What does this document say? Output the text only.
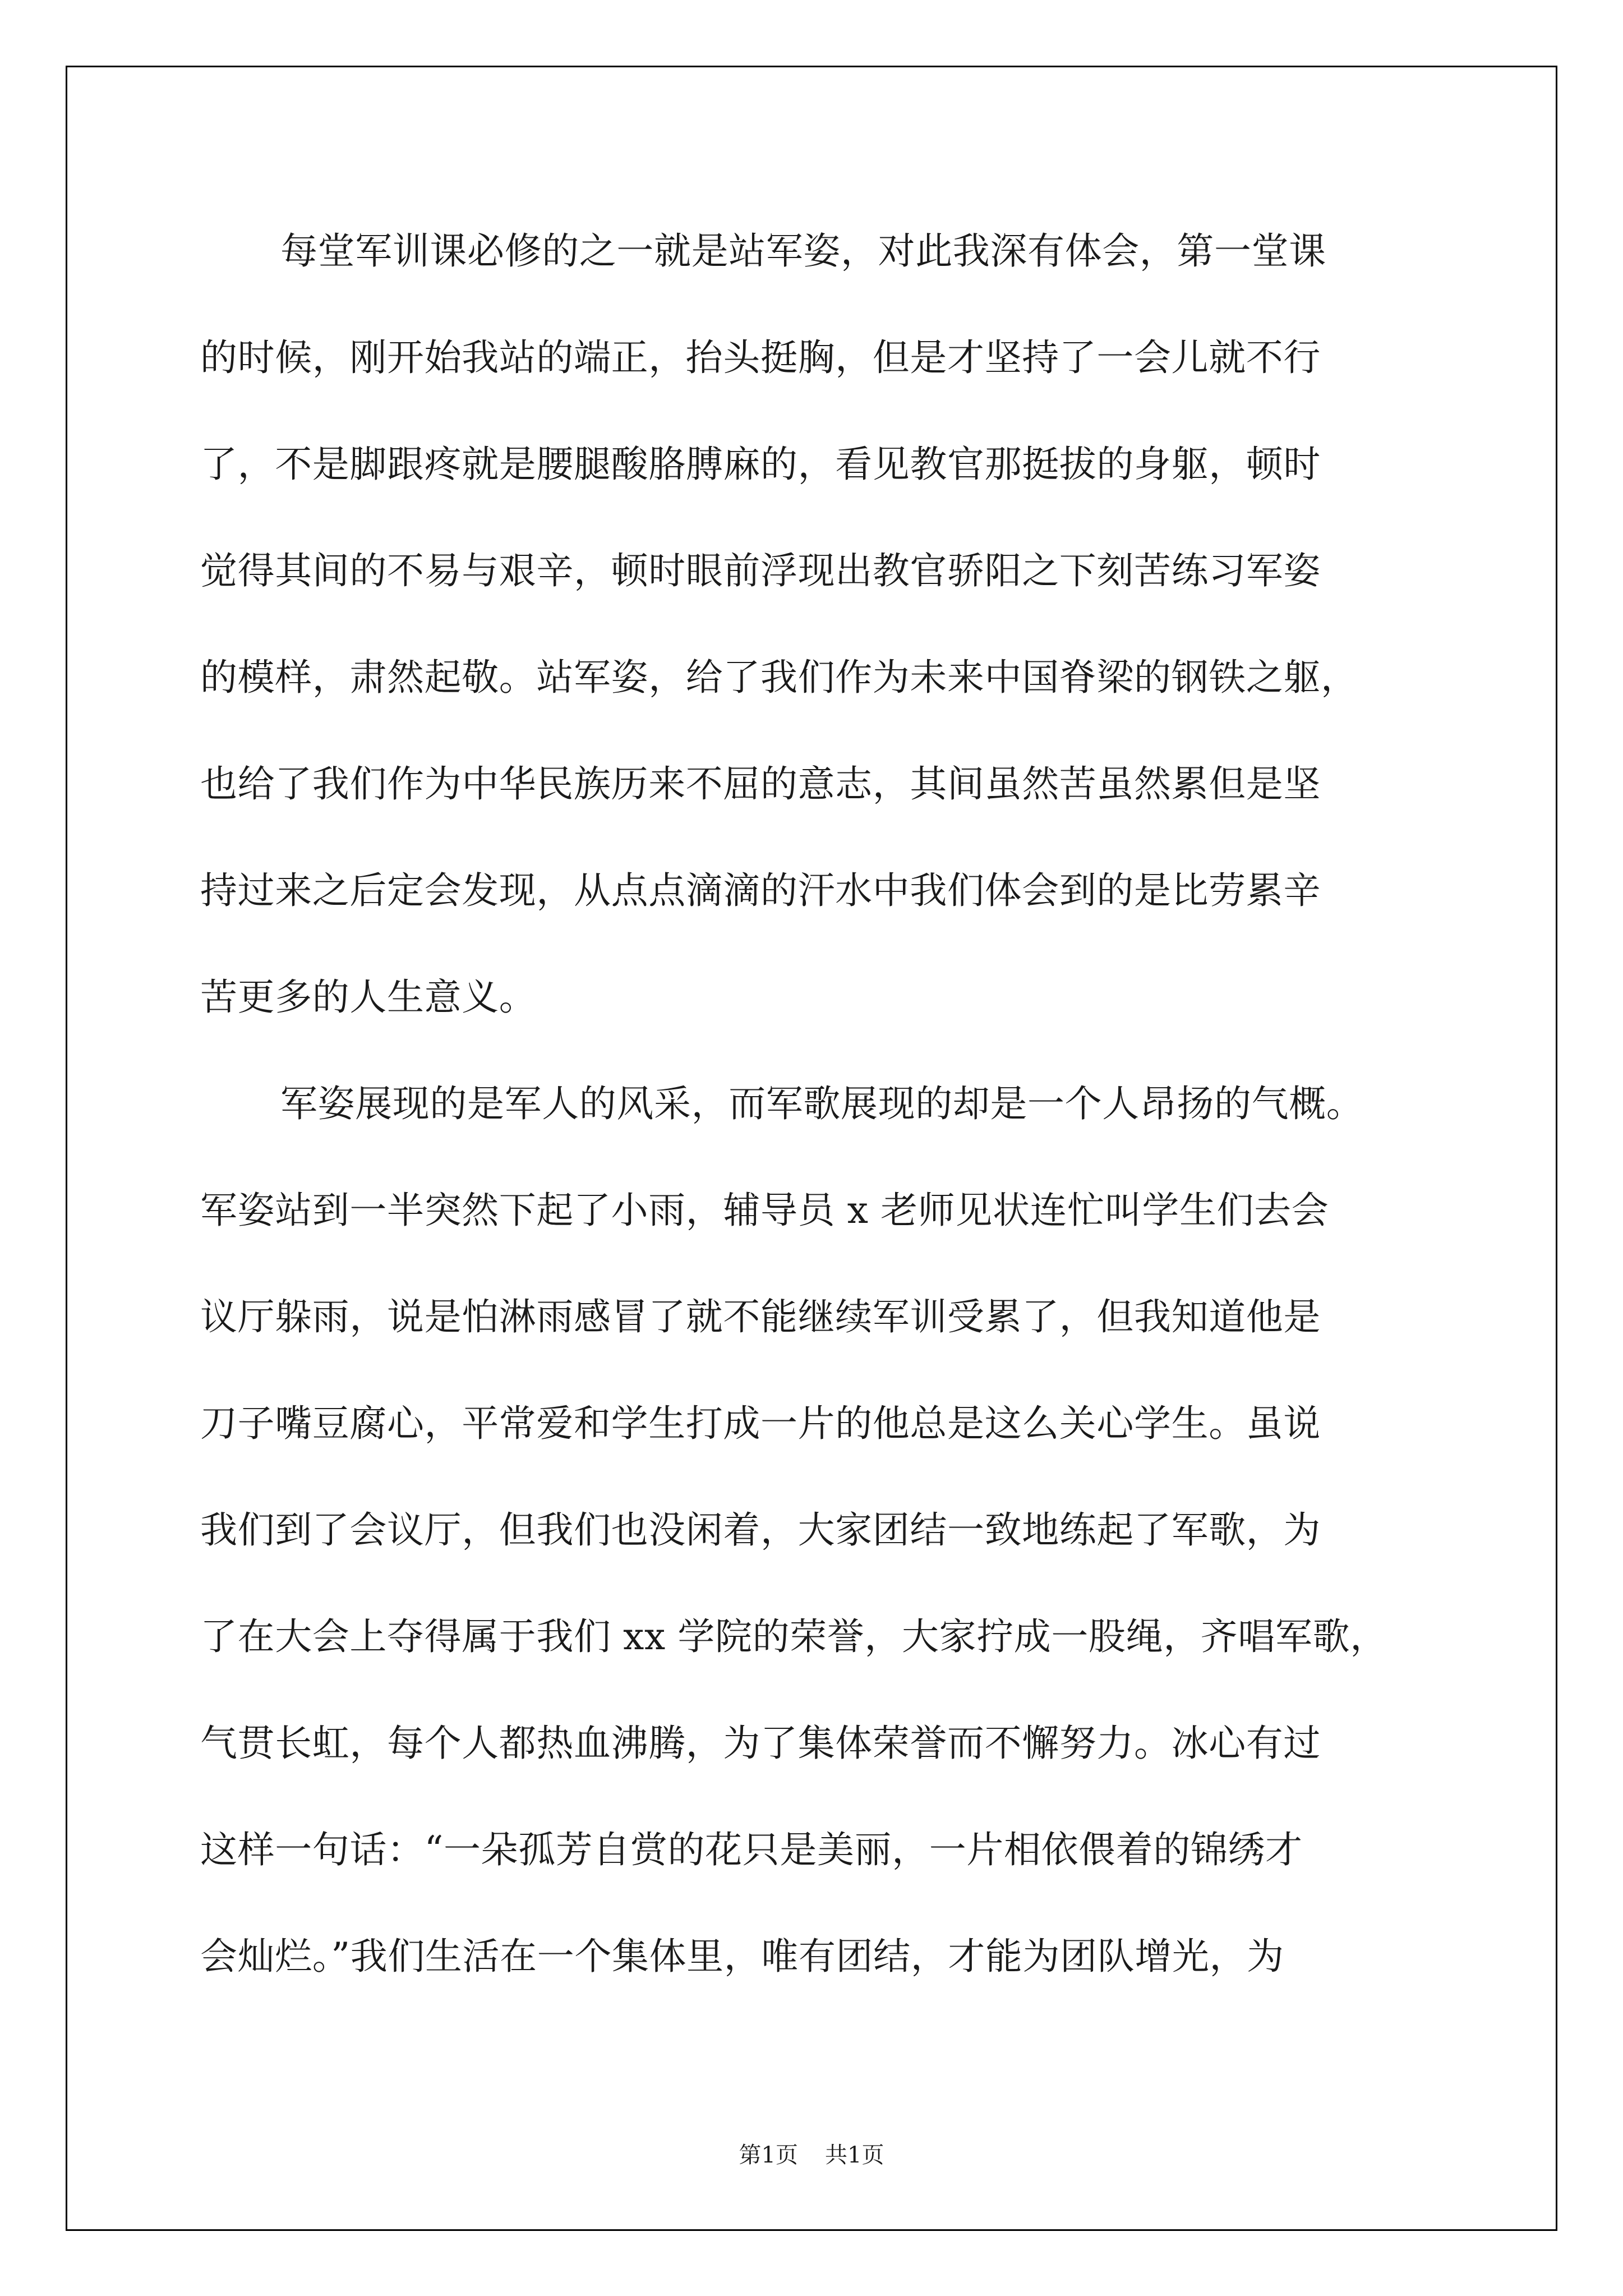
每堂军训课必修的之一就是站军姿，对此我深有体会，第一堂课
的时候，刚开始我站的端正，抬头挺胸，但是才坚持了一会儿就不行
了，不是脚跟疼就是腰腿酸胳膊麻的，看见教官那挺拔的身躯，顿时
觉得其间的不易与艰辛，顿时眼前浮现出教官骄阳之下刻苦练习军姿
的模样，肃然起敬。站军姿，给了我们作为未来中国脊梁的钢铁之躯，
也给了我们作为中华民族历来不屈的意志，其间虽然苦虽然累但是坚
持过来之后定会发现，从点点滴滴的汗水中我们体会到的是比劳累辛
苦更多的人生意义。
军姿展现的是军人的风采，而军歌展现的却是一个人昂扬的气概。
军姿站到一半突然下起了小雨，辅导员 x 老师见状连忙叫学生们去会
议厅躲雨，说是怕淋雨感冒了就不能继续军训受累了，但我知道他是
刀子嘴豆腐心，平常爱和学生打成一片的他总是这么关心学生。虽说
我们到了会议厅，但我们也没闲着，大家团结一致地练起了军歌，为
了在大会上夺得属于我们 xx 学院的荣誉，大家拧成一股绳，齐唱军歌，
气贯长虹，每个人都热血沸腾，为了集体荣誉而不懈努力。冰心有过
这样一句话：“一朵孤芳自赏的花只是美丽，一片相依偎着的锦绣才
会灿烂。”我们生活在一个集体里，唯有团结，才能为团队增光，为
第1页 共1页
